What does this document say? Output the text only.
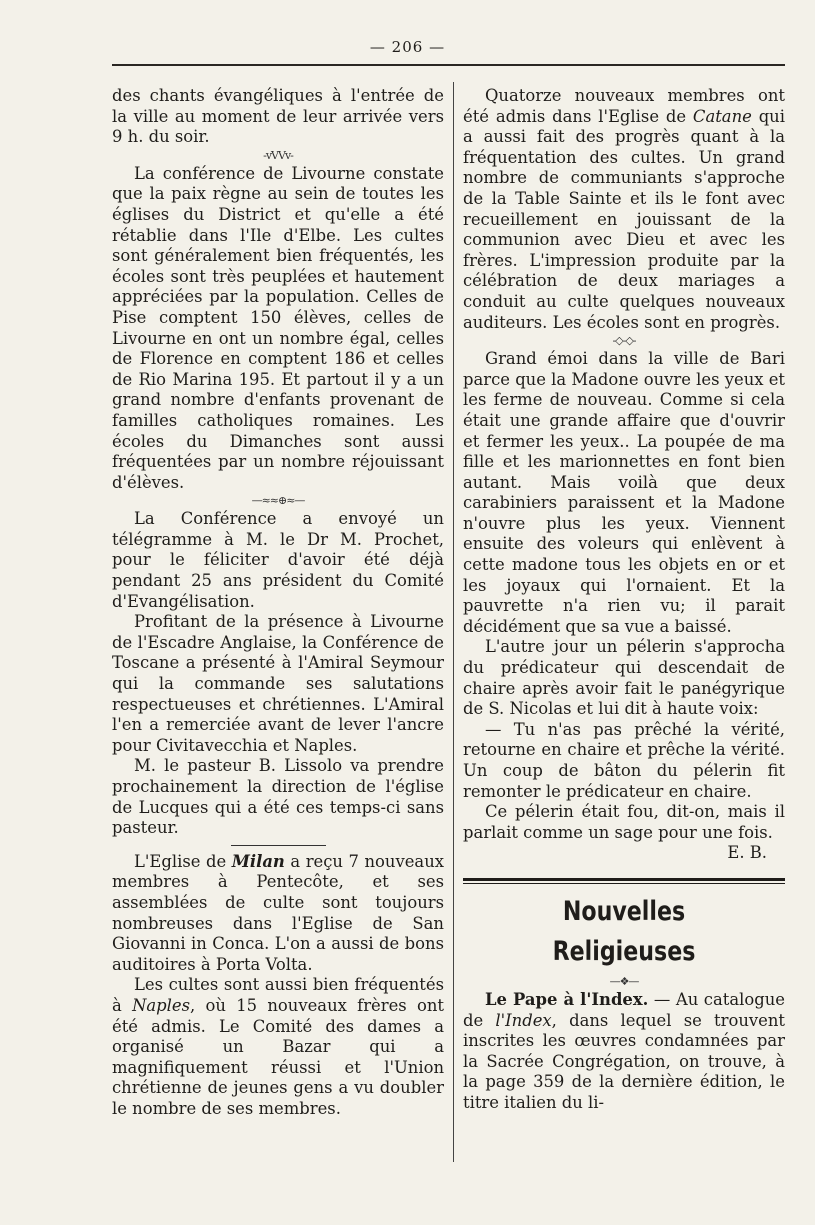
— 206 —

des chants évangéliques à l'entrée de la ville au moment de leur arrivée vers 9 h. du soir.

-vVVv-

La conférence de Livourne constate que la paix règne au sein de toutes les églises du District et qu'elle a été rétablie dans l'Ile d'Elbe. Les cultes sont généralement bien fréquentés, les écoles sont très peuplées et hautement appréciées par la population. Celles de Pise comptent 150 élèves, celles de Livourne en ont un nombre égal, celles de Florence en comptent 186 et celles de Rio Marina 195. Et partout il y a un grand nombre d'enfants provenant de familles catholiques romaines. Les écoles du Dimanches sont aussi fréquentées par un nombre réjouissant d'élèves.

—≈≈⊕≈—

La Conférence a envoyé un télégramme à M. le Dr M. Prochet, pour le féliciter d'avoir été déjà pendant 25 ans président du Comité d'Evangélisation.

Profitant de la présence à Livourne de l'Escadre Anglaise, la Conférence de Toscane a présenté à l'Amiral Seymour qui la commande ses salutations respectueuses et chrétiennes. L'Amiral l'en a remerciée avant de lever l'ancre pour Civitavecchia et Naples.

M. le pasteur B. Lissolo va prendre prochainement la direction de l'église de Lucques qui a été ces temps-ci sans pasteur.

L'Eglise de Milan a reçu 7 nouveaux membres à Pentecôte, et ses assemblées de culte sont toujours nombreuses dans l'Eglise de San Giovanni in Conca. L'on a aussi de bons auditoires à Porta Volta.

Les cultes sont aussi bien fréquentés à Naples, où 15 nouveaux frères ont été admis. Le Comité des dames a organisé un Bazar qui a magnifiquement réussi et l'Union chrétienne de jeunes gens a vu doubler le nombre de ses membres.

Quatorze nouveaux membres ont été admis dans l'Eglise de Catane qui a aussi fait des progrès quant à la fréquentation des cultes. Un grand nombre de communiants s'approche de la Table Sainte et ils le font avec recueillement en jouissant de la communion avec Dieu et avec les frères. L'impression produite par la célébration de deux mariages a conduit au culte quelques nouveaux auditeurs. Les écoles sont en progrès.

-◇-◇-

Grand émoi dans la ville de Bari parce que la Madone ouvre les yeux et les ferme de nouveau. Comme si cela était une grande affaire que d'ouvrir et fermer les yeux.. La poupée de ma fille et les marionnettes en font bien autant. Mais voilà que deux carabiniers paraissent et la Madone n'ouvre plus les yeux. Viennent ensuite des voleurs qui enlèvent à cette madone tous les objets en or et les joyaux qui l'ornaient. Et la pauvrette n'a rien vu; il parait décidément que sa vue a baissé.

L'autre jour un pélerin s'approcha du prédicateur qui descendait de chaire après avoir fait le panégyrique de S. Nicolas et lui dit à haute voix:

— Tu n'as pas prêché la vérité, retourne en chaire et prêche la vérité. Un coup de bâton du pélerin fit remonter le prédicateur en chaire.

Ce pélerin était fou, dit-on, mais il parlait comme un sage pour une fois.

E. B.

Nouvelles Religieuses
—❖—

Le Pape à l'Index. — Au catalogue de l'Index, dans lequel se trouvent inscrites les œuvres condamnées par la Sacrée Congrégation, on trouve, à la page 359 de la dernière édition, le titre italien du li-
